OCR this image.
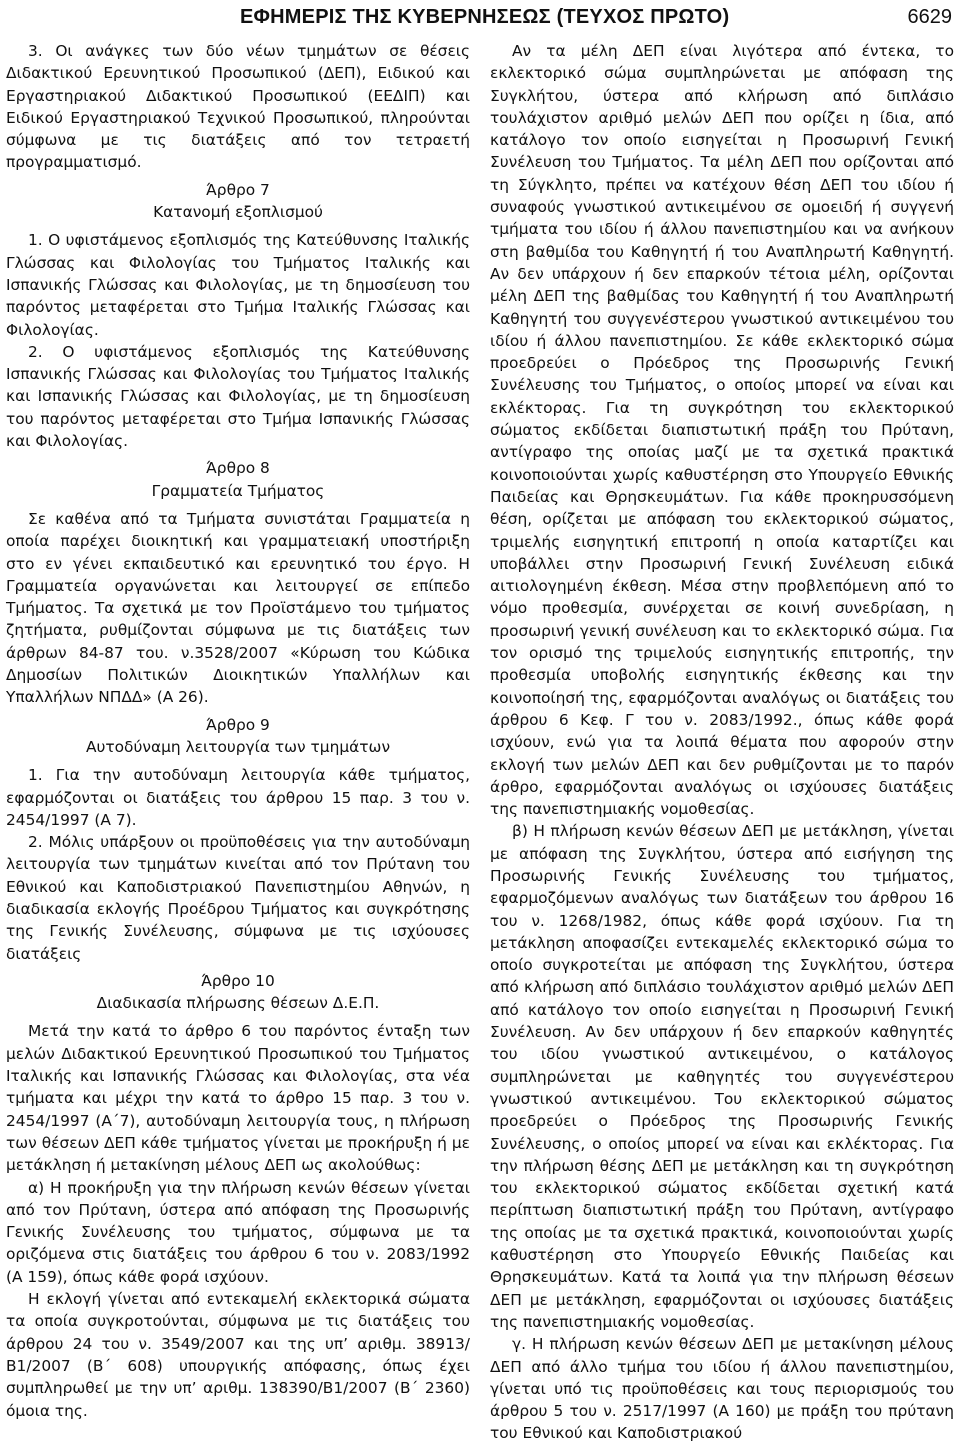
ΕΦΗΜΕΡΙΣ ΤΗΣ ΚΥΒΕΡΝΗΣΕΩΣ (ΤΕΥΧΟΣ ΠΡΩΤΟ)	6629

3. Οι ανάγκες των δύο νέων τμημάτων σε θέσεις Διδακτικού Ερευνητικού Προσωπικού (ΔΕΠ), Ειδικού και Εργαστηριακού Διδακτικού Προσωπικού (ΕΕΔΙΠ) και Ειδικού Εργαστηριακού Τεχνικού Προσωπικού, πληρούνται σύμφωνα με τις διατάξεις από τον τετραετή προγραμματισμό.

Άρθρο 7
Κατανομή εξοπλισμού

1. Ο υφιστάμενος εξοπλισμός της Κατεύθυνσης Ιταλικής Γλώσσας και Φιλολογίας του Τμήματος Ιταλικής και Ισπανικής Γλώσσας και Φιλολογίας, με τη δημοσίευση του παρόντος μεταφέρεται στο Τμήμα Ιταλικής Γλώσσας και Φιλολογίας.

2. Ο υφιστάμενος εξοπλισμός της Κατεύθυνσης Ισπανικής Γλώσσας και Φιλολογίας του Τμήματος Ιταλικής και Ισπανικής Γλώσσας και Φιλολογίας, με τη δημοσίευση του παρόντος μεταφέρεται στο Τμήμα Ισπανικής Γλώσσας και Φιλολογίας.

Άρθρο 8
Γραμματεία Τμήματος

Σε καθένα από τα Τμήματα συνιστάται Γραμματεία η οποία παρέχει διοικητική και γραμματειακή υποστήριξη στο εν γένει εκπαιδευτικό και ερευνητικό του έργο. Η Γραμματεία οργανώνεται και λειτουργεί σε επίπεδο Τμήματος. Τα σχετικά με τον Προϊστάμενο του τμήματος ζητήματα, ρυθμίζονται σύμφωνα με τις διατάξεις των άρθρων 84-87 του. ν.3528/2007 «Κύρωση του Κώδικα Δημοσίων Πολιτικών Διοικητικών Υπαλλήλων και Υπαλλήλων ΝΠΔΔ» (Α 26).

Άρθρο 9
Αυτοδύναμη λειτουργία των τμημάτων

1. Για την αυτοδύναμη λειτουργία κάθε τμήματος, εφαρμόζονται οι διατάξεις του άρθρου 15 παρ. 3 του ν. 2454/1997 (Α 7).

2. Μόλις υπάρξουν οι προϋποθέσεις για την αυτοδύναμη λειτουργία των τμημάτων κινείται από τον Πρύτανη του Εθνικού και Καποδιστριακού Πανεπιστημίου Αθηνών, η διαδικασία εκλογής Προέδρου Τμήματος και συγκρότησης της Γενικής Συνέλευσης, σύμφωνα με τις ισχύουσες διατάξεις

Άρθρο 10
Διαδικασία πλήρωσης θέσεων Δ.Ε.Π.

Μετά την κατά το άρθρο 6 του παρόντος ένταξη των μελών Διδακτικού Ερευνητικού Προσωπικού του Τμήματος Ιταλικής και Ισπανικής Γλώσσας και Φιλολογίας, στα νέα τμήματα και μέχρι την κατά το άρθρο 15 παρ. 3 του ν. 2454/1997 (Α΄7), αυτοδύναμη λειτουργία τους, η πλήρωση των θέσεων ΔΕΠ κάθε τμήματος γίνεται με προκήρυξη ή με μετάκληση ή μετακίνηση μέλους ΔΕΠ ως ακολούθως:

α) Η προκήρυξη για την πλήρωση κενών θέσεων γίνεται από τον Πρύτανη, ύστερα από απόφαση της Προσωρινής Γενικής Συνέλευσης του τμήματος, σύμφωνα με τα οριζόμενα στις διατάξεις του άρθρου 6 του ν. 2083/1992 (Α 159), όπως κάθε φορά ισχύουν.

Η εκλογή γίνεται από εντεκαμελή εκλεκτορικά σώματα τα οποία συγκροτούνται, σύμφωνα με τις διατάξεις του άρθρου 24 του ν. 3549/2007 και της υπ’ αριθμ. 38913/Β1/2007 (Β΄ 608) υπουργικής απόφασης, όπως έχει συμπληρωθεί με την υπ’ αριθμ. 138390/Β1/2007 (Β΄ 2360) όμοια της.

Αν τα μέλη ΔΕΠ είναι λιγότερα από έντεκα, το εκλεκτορικό σώμα συμπληρώνεται με απόφαση της Συγκλήτου, ύστερα από κλήρωση από διπλάσιο τουλάχιστον αριθμό μελών ΔΕΠ που ορίζει η ίδια, από κατάλογο τον οποίο εισηγείται η Προσωρινή Γενική Συνέλευση του Τμήματος. Τα μέλη ΔΕΠ που ορίζονται από τη Σύγκλητο, πρέπει να κατέχουν θέση ΔΕΠ του ιδίου ή συναφούς γνωστικού αντικειμένου σε ομοειδή ή συγγενή τμήματα του ιδίου ή άλλου πανεπιστημίου και να ανήκουν στη βαθμίδα του Καθηγητή ή του Αναπληρωτή Καθηγητή. Αν δεν υπάρχουν ή δεν επαρκούν τέτοια μέλη, ορίζονται μέλη ΔΕΠ της βαθμίδας του Καθηγητή ή του Αναπληρωτή Καθηγητή του συγγενέστερου γνωστικού αντικειμένου του ιδίου ή άλλου πανεπιστημίου. Σε κάθε εκλεκτορικό σώμα προεδρεύει ο Πρόεδρος της Προσωρινής Γενική Συνέλευσης του Τμήματος, ο οποίος μπορεί να είναι και εκλέκτορας. Για τη συγκρότηση του εκλεκτορικού σώματος εκδίδεται διαπιστωτική πράξη του Πρύτανη, αντίγραφο της οποίας μαζί με τα σχετικά πρακτικά κοινοποιούνται χωρίς καθυστέρηση στο Υπουργείο Εθνικής Παιδείας και Θρησκευμάτων. Για κάθε προκηρυσσόμενη θέση, ορίζεται με απόφαση του εκλεκτορικού σώματος, τριμελής εισηγητική επιτροπή η οποία καταρτίζει και υποβάλλει στην Προσωρινή Γενική Συνέλευση ειδικά αιτιολογημένη έκθεση. Μέσα στην προβλεπόμενη από το νόμο προθεσμία, συνέρχεται σε κοινή συνεδρίαση, η προσωρινή γενική συνέλευση και το εκλεκτορικό σώμα. Για τον ορισμό της τριμελούς εισηγητικής επιτροπής, την προθεσμία υποβολής εισηγητικής έκθεσης και την κοινοποίησή της, εφαρμόζονται αναλόγως οι διατάξεις του άρθρου 6 Κεφ. Γ του ν. 2083/1992., όπως κάθε φορά ισχύουν, ενώ για τα λοιπά θέματα που αφορούν στην εκλογή των μελών ΔΕΠ και δεν ρυθμίζονται με το παρόν άρθρο, εφαρμόζονται αναλόγως οι ισχύουσες διατάξεις της πανεπιστημιακής νομοθεσίας.

β) Η πλήρωση κενών θέσεων ΔΕΠ με μετάκληση, γίνεται με απόφαση της Συγκλήτου, ύστερα από εισήγηση της Προσωρινής Γενικής Συνέλευσης του τμήματος, εφαρμοζόμενων αναλόγως των διατάξεων του άρθρου 16 του ν. 1268/1982, όπως κάθε φορά ισχύουν. Για τη μετάκληση αποφασίζει εντεκαμελές εκλεκτορικό σώμα το οποίο συγκροτείται με απόφαση της Συγκλήτου, ύστερα από κλήρωση από διπλάσιο τουλάχιστον αριθμό μελών ΔΕΠ από κατάλογο τον οποίο εισηγείται η Προσωρινή Γενική Συνέλευση. Αν δεν υπάρχουν ή δεν επαρκούν καθηγητές του ιδίου γνωστικού αντικειμένου, ο κατάλογος συμπληρώνεται με καθηγητές του συγγενέστερου γνωστικού αντικειμένου. Του εκλεκτορικού σώματος προεδρεύει ο Πρόεδρος της Προσωρινής Γενικής Συνέλευσης, ο οποίος μπορεί να είναι και εκλέκτορας. Για την πλήρωση θέσης ΔΕΠ με μετάκληση και τη συγκρότηση του εκλεκτορικού σώματος εκδίδεται σχετική κατά περίπτωση διαπιστωτική πράξη του Πρύτανη, αντίγραφο της οποίας με τα σχετικά πρακτικά, κοινοποιούνται χωρίς καθυστέρηση στο Υπουργείο Εθνικής Παιδείας και Θρησκευμάτων. Κατά τα λοιπά για την πλήρωση θέσεων ΔΕΠ με μετάκληση, εφαρμόζονται οι ισχύουσες διατάξεις της πανεπιστημιακής νομοθεσίας.

γ. Η πλήρωση κενών θέσεων ΔΕΠ με μετακίνηση μέλους ΔΕΠ από άλλο τμήμα του ιδίου ή άλλου πανεπιστημίου, γίνεται υπό τις προϋποθέσεις και τους περιορισμούς του άρθρου 5 του ν. 2517/1997 (Α 160) με πράξη του πρύτανη του Εθνικού και Καποδιστριακού
